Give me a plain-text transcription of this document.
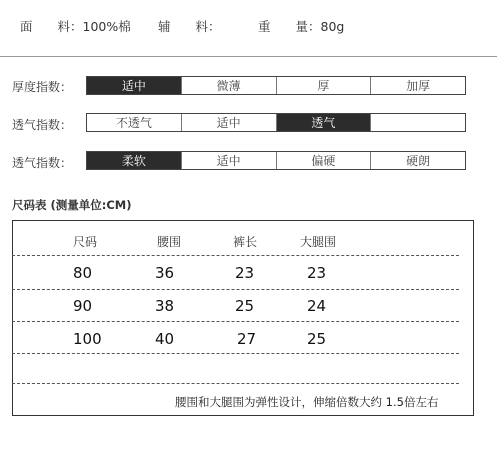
面　　料：100%棉 辅　　料：	重　　量：80g
厚度指数：	适中	微薄	厚	加厚
透气指数：	不透气	适中	透气
透气指数：	柔软	适中	偏硬	硬朗
尺码表 (测量单位:CM)
尺码	腰围	裤长	大腿围
80	36	23	23
90	38	25	24
100	40	27	25
腰围和大腿围为弹性设计，伸缩倍数大约 1.5倍左右
